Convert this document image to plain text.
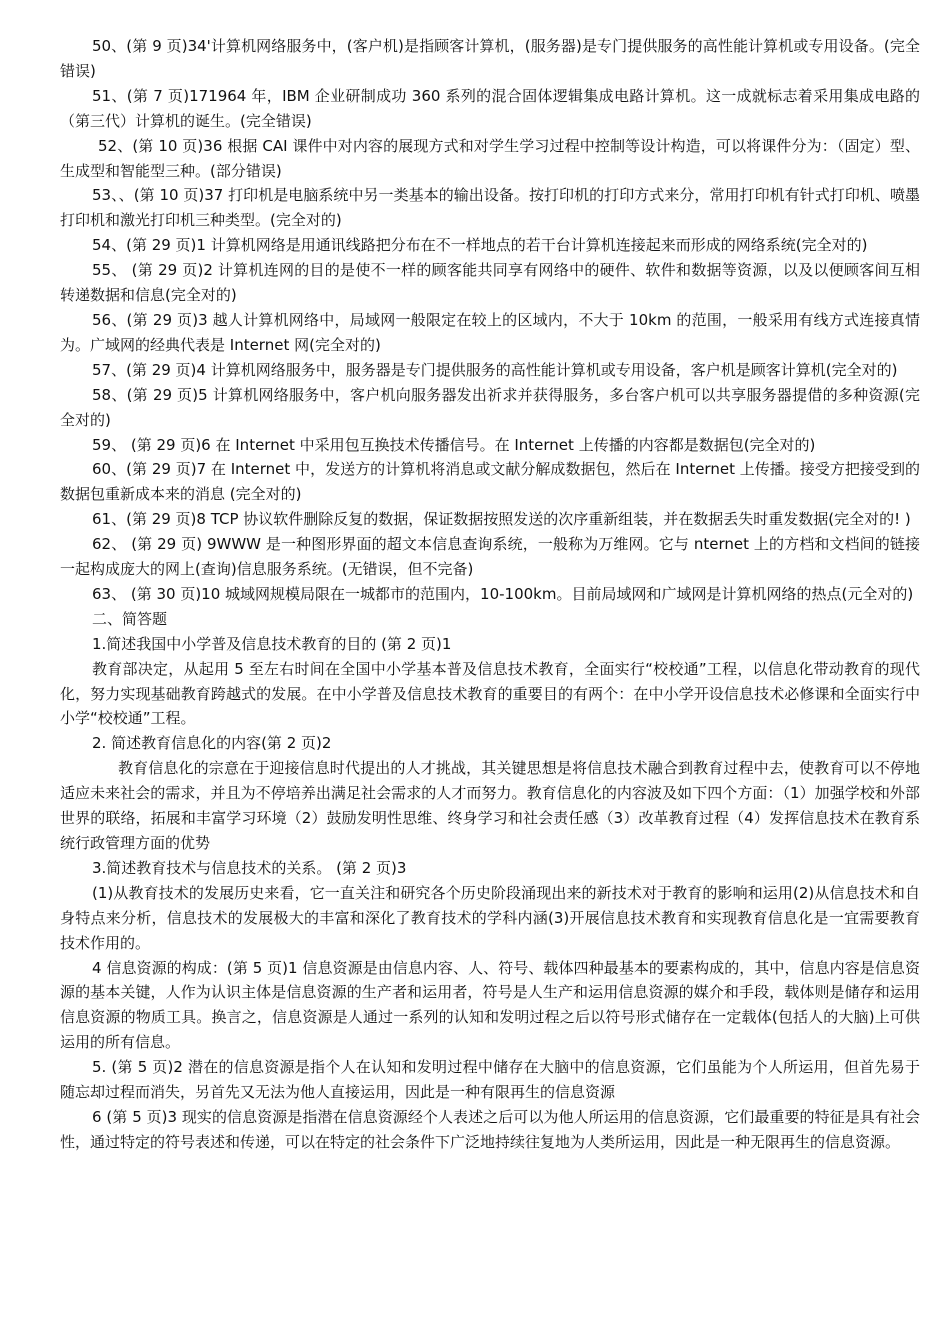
50、(第 9 页)34'计算机网络服务中，(客户机)是指顾客计算机，(服务器)是专门提供服务的高性能计算机或专用设备。(完全错误)

51、(第 7 页)171964 年，IBM 企业研制成功 360 系列的混合固体逻辑集成电路计算机。这一成就标志着采用集成电路的（第三代）计算机的诞生。(完全错误)

52、(第 10 页)36 根据 CAI 课件中对内容的展现方式和对学生学习过程中控制等设计构造，可以将课件分为：（固定）型、生成型和智能型三种。(部分错误)

53、、(第 10 页)37 打印机是电脑系统中另一类基本的输出设备。按打印机的打印方式来分，常用打印机有针式打印机、喷墨打印机和激光打印机三种类型。(完全对的)

54、(第 29 页)1 计算机网络是用通讯线路把分布在不一样地点的若干台计算机连接起来而形成的网络系统(完全对的)

55、 (第 29 页)2 计算机连网的目的是使不一样的顾客能共同享有网络中的硬件、软件和数据等资源，以及以便顾客间互相转递数据和信息(完全对的)

56、(第 29 页)3 越人计算机网络中，局域网一般限定在较上的区域内，不大于 10km 的范围，一般采用有线方式连接真情为。广域网的经典代表是 Internet 网(完全对的)

57、(第 29 页)4 计算机网络服务中，服务器是专门提供服务的高性能计算机或专用设备，客户机是顾客计算机(完全对的)

58、(第 29 页)5 计算机网络服务中，客户机向服务器发出祈求并获得服务，多台客户机可以共享服务器提借的多种资源(完全对的)

59、 (第 29 页)6 在 Internet 中采用包互换技术传播信号。在 Internet 上传播的内容都是数据包(完全对的)

60、(第 29 页)7 在 Internet 中，发送方的计算机将消息或文献分解成数据包，然后在 Internet 上传播。接受方把接受到的数据包重新成本来的消息 (完全对的)

61、(第 29 页)8 TCP 协议软件删除反复的数据，保证数据按照发送的次序重新组装，并在数据丢失时重发数据(完全对的! )

62、 (第 29 页) 9WWW 是一种图形界面的超文本信息查询系统，一般称为万维网。它与 nternet 上的方档和文档间的链接一起构成庞大的网上(查询)信息服务系统。(无错误，但不完备)

63、 (第 30 页)10 城域网规模局限在一城都市的范围内，10-100km。目前局域网和广域网是计算机网络的热点(元全对的)

二、简答题

1.简述我国中小学普及信息技术教育的目的 (第 2 页)1

教育部决定，从起用 5 至左右时间在全国中小学基本普及信息技术教育，全面实行“校校通”工程，以信息化带动教育的现代化，努力实现基础教育跨越式的发展。在中小学普及信息技术教育的重要目的有两个：在中小学开设信息技术必修课和全面实行中小学“校校通”工程。

2. 简述教育信息化的内容(第 2 页)2

教育信息化的宗意在于迎接信息时代提出的人才挑战，其关键思想是将信息技术融合到教育过程中去，使教育可以不停地适应未来社会的需求，并且为不停培养出满足社会需求的人才而努力。教育信息化的内容波及如下四个方面：（1）加强学校和外部世界的联络，拓展和丰富学习环境（2）鼓励发明性思维、终身学习和社会责任感（3）改革教育过程（4）发挥信息技术在教育系统行政管理方面的优势

3.简述教育技术与信息技术的关系。 (第 2 页)3

(1)从教育技术的发展历史来看，它一直关注和研究各个历史阶段涌现出来的新技术对于教育的影响和运用(2)从信息技术和自身特点来分析，信息技术的发展极大的丰富和深化了教育技术的学科内涵(3)开展信息技术教育和实现教育信息化是一宜需要教育技术作用的。

4 信息资源的构成：(第 5 页)1 信息资源是由信息内容、人、符号、载体四种最基本的要素构成的，其中，信息内容是信息资源的基本关键，人作为认识主体是信息资源的生产者和运用者，符号是人生产和运用信息资源的媒介和手段，载体则是储存和运用信息资源的物质工具。换言之，信息资源是人通过一系列的认知和发明过程之后以符号形式储存在一定载体(包括人的大脑)上可供运用的所有信息。

5. (第 5 页)2 潜在的信息资源是指个人在认知和发明过程中储存在大脑中的信息资源，它们虽能为个人所运用，但首先易于随忘却过程而消失，另首先又无法为他人直接运用，因此是一种有限再生的信息资源

6 (第 5 页)3 现实的信息资源是指潜在信息资源经个人表述之后可以为他人所运用的信息资源，它们最重要的特征是具有社会性，通过特定的符号表述和传递，可以在特定的社会条件下广泛地持续往复地为人类所运用，因此是一种无限再生的信息资源。
